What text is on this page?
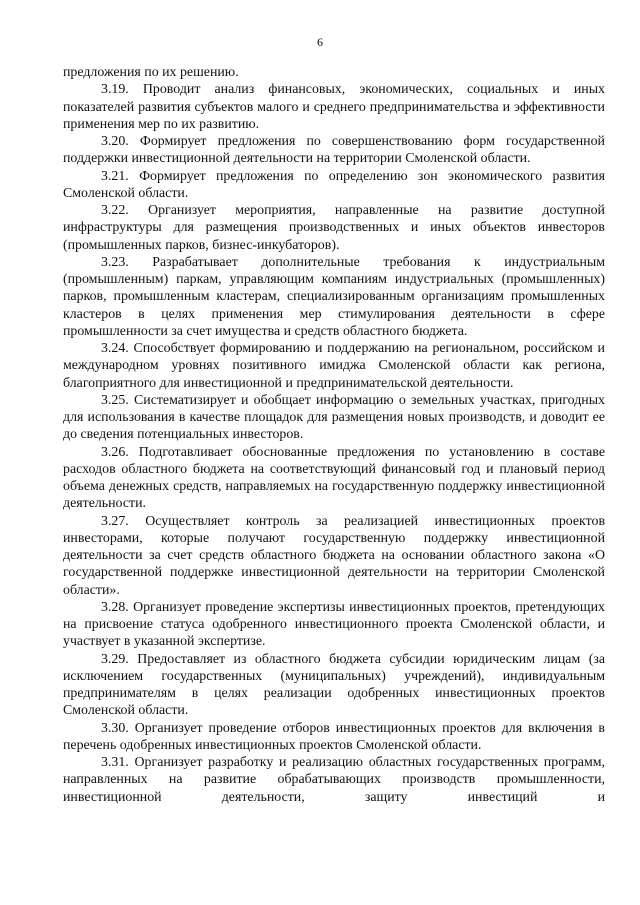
6

предложения по их решению.

3.19. Проводит анализ финансовых, экономических, социальных и иных показателей развития субъектов малого и среднего предпринимательства и эффективности применения мер по их развитию.

3.20. Формирует предложения по совершенствованию форм государственной поддержки инвестиционной деятельности на территории Смоленской области.

3.21. Формирует предложения по определению зон экономического развития Смоленской области.

3.22. Организует мероприятия, направленные на развитие доступной инфраструктуры для размещения производственных и иных объектов инвесторов (промышленных парков, бизнес-инкубаторов).

3.23. Разрабатывает дополнительные требования к индустриальным (промышленным) паркам, управляющим компаниям индустриальных (промышленных) парков, промышленным кластерам, специализированным организациям промышленных кластеров в целях применения мер стимулирования деятельности в сфере промышленности за счет имущества и средств областного бюджета.

3.24. Способствует формированию и поддержанию на региональном, российском и международном уровнях позитивного имиджа Смоленской области как региона, благоприятного для инвестиционной и предпринимательской деятельности.

3.25. Систематизирует и обобщает информацию о земельных участках, пригодных для использования в качестве площадок для размещения новых производств, и доводит ее до сведения потенциальных инвесторов.

3.26. Подготавливает обоснованные предложения по установлению в составе расходов областного бюджета на соответствующий финансовый год и плановый период объема денежных средств, направляемых на государственную поддержку инвестиционной деятельности.

3.27. Осуществляет контроль за реализацией инвестиционных проектов инвесторами, которые получают государственную поддержку инвестиционной деятельности за счет средств областного бюджета на основании областного закона «О государственной поддержке инвестиционной деятельности на территории Смоленской области».

3.28. Организует проведение экспертизы инвестиционных проектов, претендующих на присвоение статуса одобренного инвестиционного проекта Смоленской области, и участвует в указанной экспертизе.

3.29. Предоставляет из областного бюджета субсидии юридическим лицам (за исключением государственных (муниципальных) учреждений), индивидуальным предпринимателям в целях реализации одобренных инвестиционных проектов Смоленской области.

3.30. Организует проведение отборов инвестиционных проектов для включения в перечень одобренных инвестиционных проектов Смоленской области.

3.31. Организует разработку и реализацию областных государственных программ, направленных на развитие обрабатывающих производств промышленности, инвестиционной деятельности, защиту инвестиций и
